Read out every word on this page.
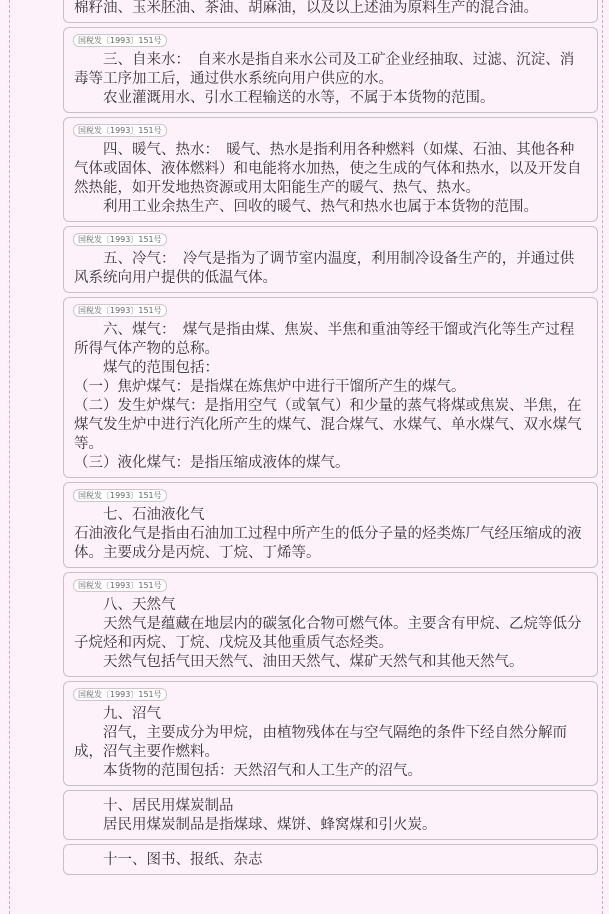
棉籽油、玉米胚油、茶油、胡麻油，以及以上述油为原料生产的混合油。

国税发〔1993〕151号

三、自来水：　自来水是指自来水公司及工矿企业经抽取、过滤、沉淀、消毒等工序加工后，通过供水系统向用户供应的水。

农业灌溉用水、引水工程输送的水等，不属于本货物的范围。

国税发〔1993〕151号

四、暖气、热水：　暖气、热水是指利用各种燃料（如煤、石油、其他各种气体或固体、液体燃料）和电能将水加热，使之生成的气体和热水，以及开发自然热能，如开发地热资源或用太阳能生产的暖气、热气、热水。

利用工业余热生产、回收的暖气、热气和热水也属于本货物的范围。

国税发〔1993〕151号

五、冷气：　冷气是指为了调节室内温度，利用制冷设备生产的，并通过供风系统向用户提供的低温气体。

国税发〔1993〕151号

六、煤气：　煤气是指由煤、焦炭、半焦和重油等经干馏或汽化等生产过程所得气体产物的总称。

煤气的范围包括：

（一）焦炉煤气：是指煤在炼焦炉中进行干馏所产生的煤气。

（二）发生炉煤气：是指用空气（或氧气）和少量的蒸气将煤或焦炭、半焦，在煤气发生炉中进行汽化所产生的煤气、混合煤气、水煤气、单水煤气、双水煤气等。

（三）液化煤气：是指压缩成液体的煤气。

国税发〔1993〕151号

七、石油液化气

石油液化气是指由石油加工过程中所产生的低分子量的烃类炼厂气经压缩成的液体。主要成分是丙烷、丁烷、丁烯等。

国税发〔1993〕151号

八、天然气

天然气是蕴藏在地层内的碳氢化合物可燃气体。主要含有甲烷、乙烷等低分子烷烃和丙烷、丁烷、戊烷及其他重质气态烃类。

天然气包括气田天然气、油田天然气、煤矿天然气和其他天然气。

国税发〔1993〕151号

九、沼气

沼气，主要成分为甲烷，由植物残体在与空气隔绝的条件下经自然分解而成，沼气主要作燃料。

本货物的范围包括：天然沼气和人工生产的沼气。

十、居民用煤炭制品

居民用煤炭制品是指煤球、煤饼、蜂窝煤和引火炭。

十一、图书、报纸、杂志
